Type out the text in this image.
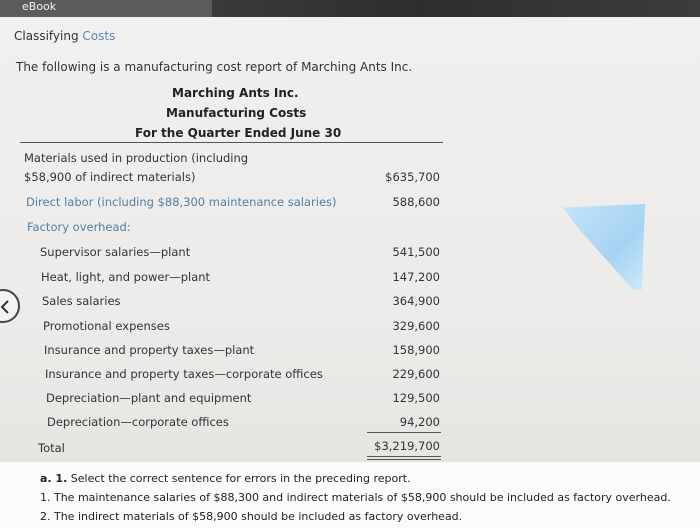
eBook
Classifying Costs
The following is a manufacturing cost report of Marching Ants Inc.
Marching Ants Inc.
Manufacturing Costs
For the Quarter Ended June 30
Materials used in production (including
$58,900 of indirect materials)	$635,700
Direct labor (including $88,300 maintenance salaries)	588,600
Factory overhead:
Supervisor salaries—plant	541,500
Heat, light, and power—plant	147,200
Sales salaries	364,900
Promotional expenses	329,600
Insurance and property taxes—plant	158,900
Insurance and property taxes—corporate offices	229,600
Depreciation—plant and equipment	129,500
Depreciation—corporate offices	94,200
Total	$3,219,700
a. 1. Select the correct sentence for errors in the preceding report.
1. The maintenance salaries of $88,300 and indirect materials of $58,900 should be included as factory overhead.
2. The indirect materials of $58,900 should be included as factory overhead.
